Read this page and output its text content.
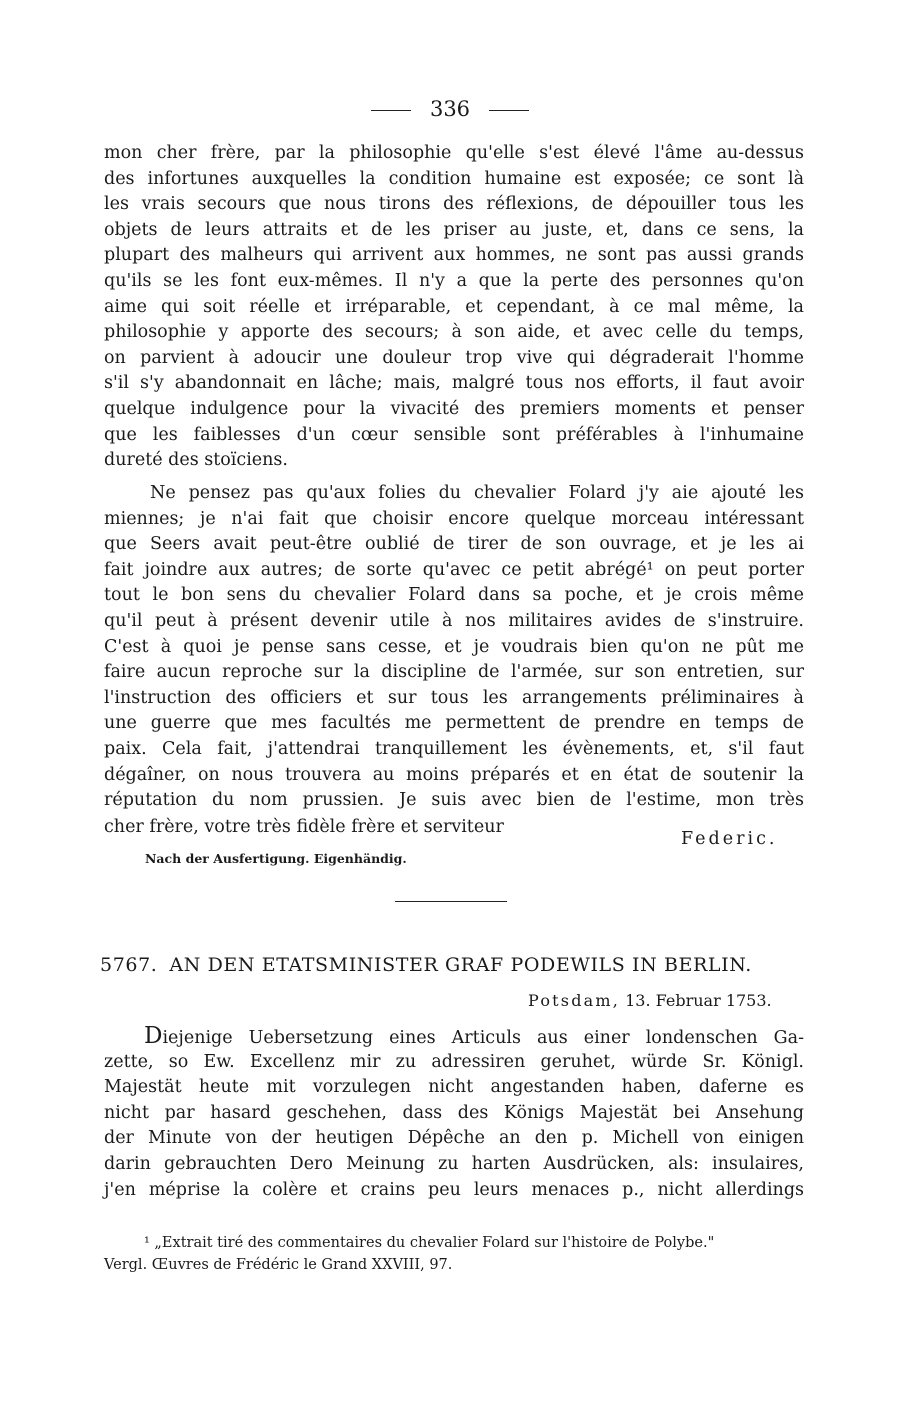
336
mon cher frère, par la philosophie qu'elle s'est élevé l'âme au-dessus
des infortunes auxquelles la condition humaine est exposée; ce sont là
les vrais secours que nous tirons des réflexions, de dépouiller tous les
objets de leurs attraits et de les priser au juste, et, dans ce sens, la
plupart des malheurs qui arrivent aux hommes, ne sont pas aussi grands
qu'ils se les font eux-mêmes. Il n'y a que la perte des personnes qu'on
aime qui soit réelle et irréparable, et cependant, à ce mal même, la
philosophie y apporte des secours; à son aide, et avec celle du temps,
on parvient à adoucir une douleur trop vive qui dégraderait l'homme
s'il s'y abandonnait en lâche; mais, malgré tous nos efforts, il faut avoir
quelque indulgence pour la vivacité des premiers moments et penser
que les faiblesses d'un cœur sensible sont préférables à l'inhumaine
dureté des stoïciens.
Ne pensez pas qu'aux folies du chevalier Folard j'y aie ajouté les
miennes; je n'ai fait que choisir encore quelque morceau intéressant
que Seers avait peut-être oublié de tirer de son ouvrage, et je les ai
fait joindre aux autres; de sorte qu'avec ce petit abrégé¹ on peut porter
tout le bon sens du chevalier Folard dans sa poche, et je crois même
qu'il peut à présent devenir utile à nos militaires avides de s'instruire.
C'est à quoi je pense sans cesse, et je voudrais bien qu'on ne pût me
faire aucun reproche sur la discipline de l'armée, sur son entretien, sur
l'instruction des officiers et sur tous les arrangements préliminaires à
une guerre que mes facultés me permettent de prendre en temps de
paix. Cela fait, j'attendrai tranquillement les évènements, et, s'il faut
dégaîner, on nous trouvera au moins préparés et en état de soutenir la
réputation du nom prussien. Je suis avec bien de l'estime, mon très
cher frère, votre très fidèle frère et serviteur
Federic.
Nach der Ausfertigung. Eigenhändig.
5767. AN DEN ETATSMINISTER GRAF PODEWILS IN BERLIN.
Potsdam, 13. Februar 1753.
Diejenige Uebersetzung eines Articuls aus einer londenschen Ga-
zette, so Ew. Excellenz mir zu adressiren geruhet, würde Sr. Königl.
Majestät heute mit vorzulegen nicht angestanden haben, daferne es
nicht par hasard geschehen, dass des Königs Majestät bei Ansehung
der Minute von der heutigen Dépêche an den p. Michell von einigen
darin gebrauchten Dero Meinung zu harten Ausdrücken, als: insulaires,
j'en méprise la colère et crains peu leurs menaces p., nicht allerdings
¹ „Extrait tiré des commentaires du chevalier Folard sur l'histoire de Polybe."
Vergl. Œuvres de Frédéric le Grand XXVIII, 97.
